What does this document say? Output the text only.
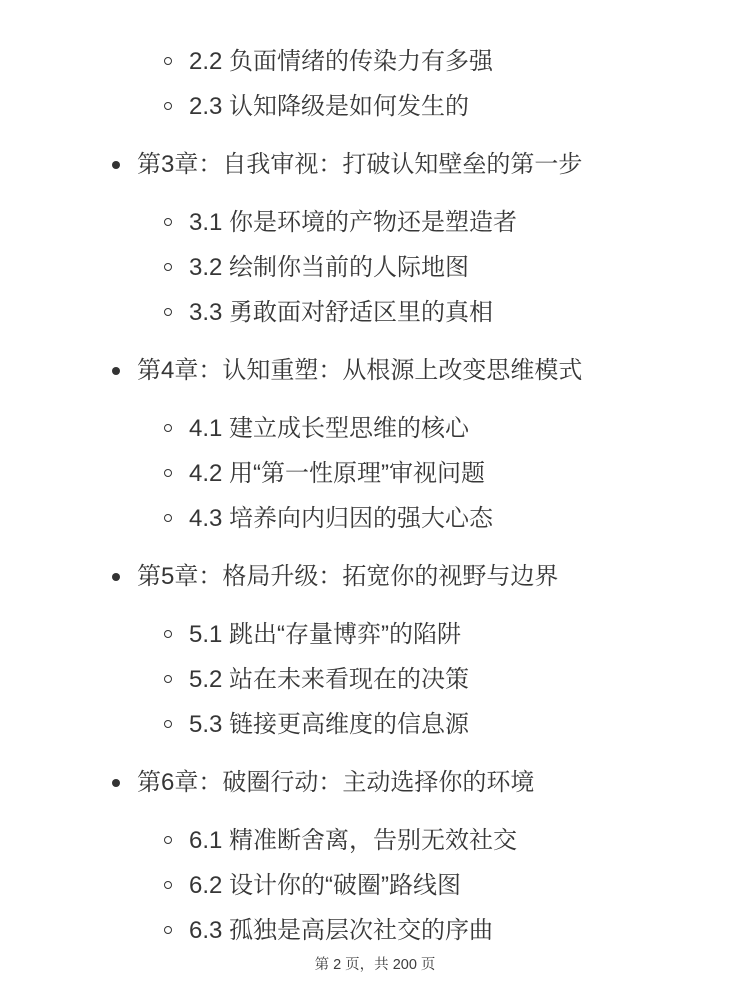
2.2 负面情绪的传染力有多强
2.3 认知降级是如何发生的
第3章：自我审视：打破认知壁垒的第一步
3.1 你是环境的产物还是塑造者
3.2 绘制你当前的人际地图
3.3 勇敢面对舒适区里的真相
第4章：认知重塑：从根源上改变思维模式
4.1 建立成长型思维的核心
4.2 用“第一性原理”审视问题
4.3 培养向内归因的强大心态
第5章：格局升级：拓宽你的视野与边界
5.1 跳出“存量博弈”的陷阱
5.2 站在未来看现在的决策
5.3 链接更高维度的信息源
第6章：破圈行动：主动选择你的环境
6.1 精准断舍离，告别无效社交
6.2 设计你的“破圈”路线图
6.3 孤独是高层次社交的序曲
第 2 页，共 200 页
